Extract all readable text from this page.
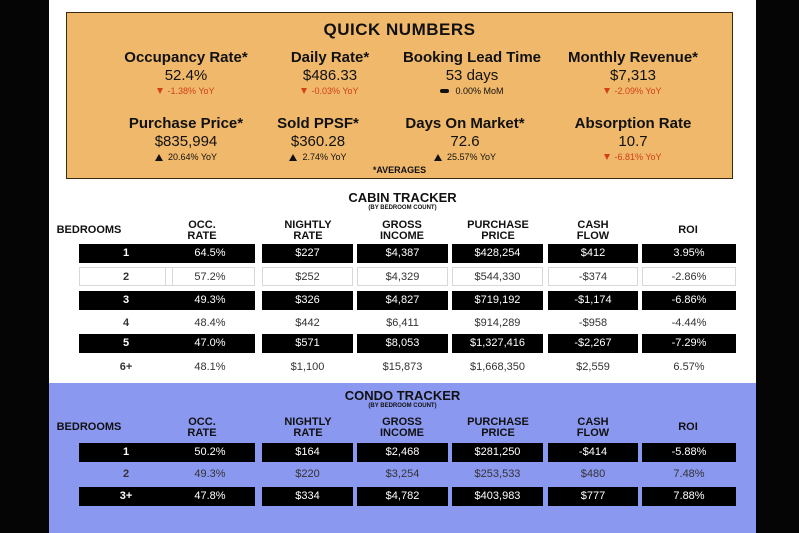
QUICK NUMBERS
Occupancy Rate*
52.4%
-1.38% YoY
Daily Rate*
$486.33
-0.03% YoY
Booking Lead Time
53 days
0.00% MoM
Monthly Revenue*
$7,313
-2.09% YoY
Purchase Price*
$835,994
20.64% YoY
Sold PPSF*
$360.28
2.74% YoY
Days On Market*
72.6
25.57% YoY
Absorption Rate
10.7
-6.81% YoY
*AVERAGES
CABIN TRACKER
(BY BEDROOM COUNT)
CONDO TRACKER
(BY BEDROOM COUNT)
BEDROOMS	OCC.
RATE
NIGHTLY
RATE
GROSS
INCOME
PURCHASE
PRICE
CASH
FLOW	ROI
1	50.2%	$164	$2,468	$281,250	-$414	-5.88%
2	49.3%	$220	$3,254	$253,533	$480	7.48%
3+	47.8%	$334	$4,782	$403,983	$777	7.88%
BEDROOMS	OCC.
RATE
NIGHTLY
RATE
GROSS
INCOME
PURCHASE
PRICE
CASH
FLOW	ROI
1	64.5%	$227	$4,387	$428,254	$412	3.95%
2	57.2%	$252	$4,329	$544,330	-$374	-2.86%
3	49.3%	$326	$4,827	$719,192	-$1,174	-6.86%
4	48.4%	$442	$6,411	$914,289	-$958	-4.44%
5	47.0%	$571	$8,053	$1,327,416	-$2,267	-7.29%
6+	48.1%	$1,100	$15,873	$1,668,350	$2,559	6.57%
